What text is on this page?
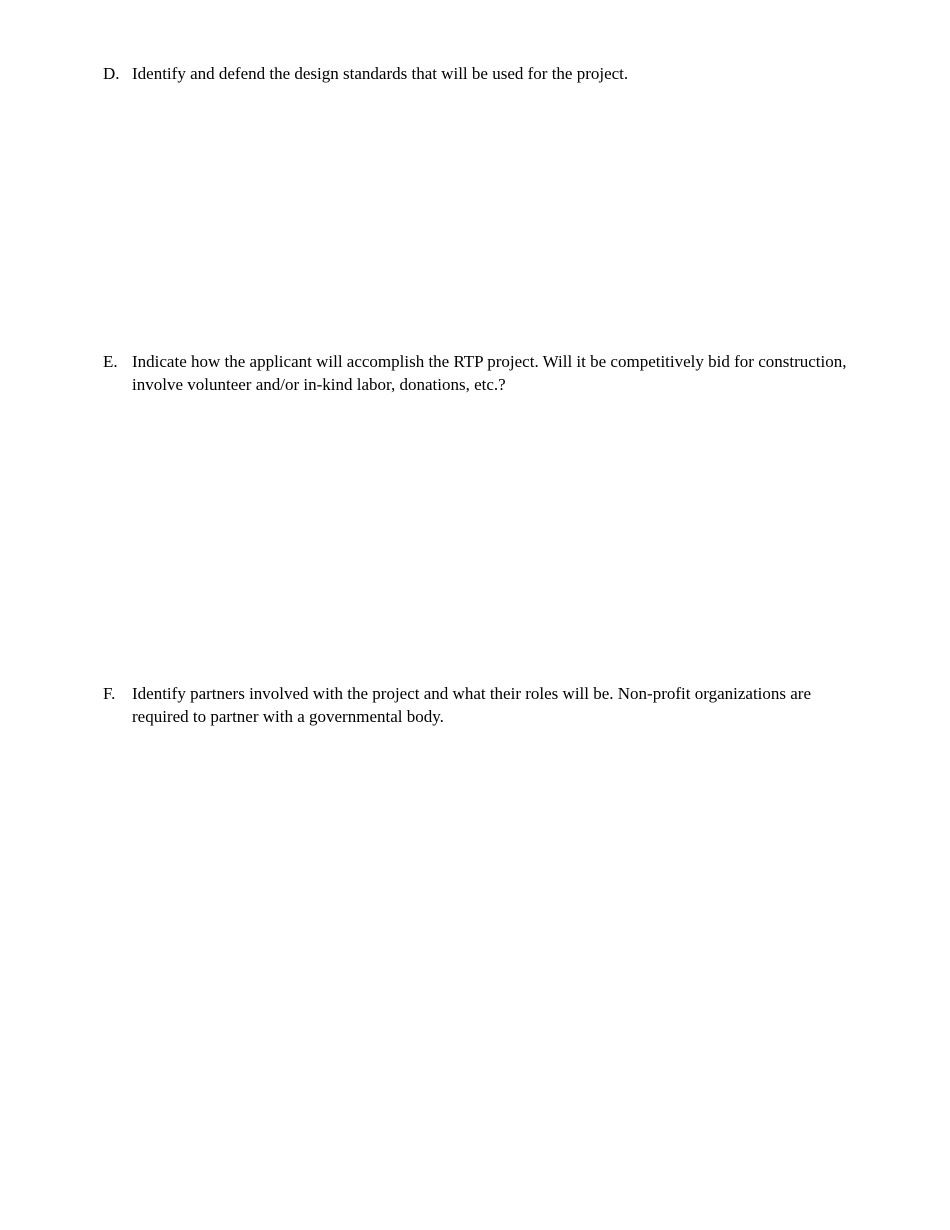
D. Identify and defend the design standards that will be used for the project.
E. Indicate how the applicant will accomplish the RTP project. Will it be competitively bid for construction, involve volunteer and/or in-kind labor, donations, etc.?
F. Identify partners involved with the project and what their roles will be. Non-profit organizations are required to partner with a governmental body.
